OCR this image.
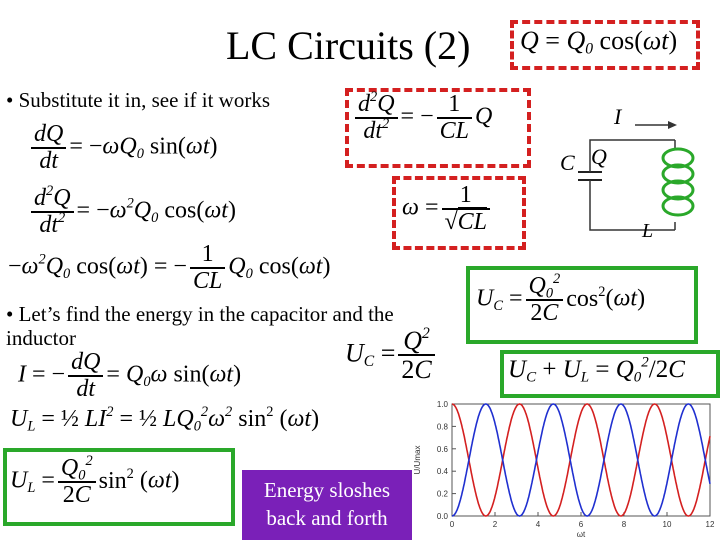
LC Circuits (2) $Q = Q_0$ cos(ωt)
• Substitute it in, see if it works	$\frac{d^2Q}{dt^2}$ = − $\frac{1}{CL}$ Q
$\omega = \frac{1}{√CL}$
$\frac{dQ}{dt} = -\omega Q_0$ sin(ωt)
$\frac{d^2Q}{dt^2} = -\omega^2Q_0$ cos(ωt)
$-\omega^2Q_0$ cos(ωt) = − $\frac{1}{CL} Q_0$ cos(ωt)
I
C Q
L
• Let’s find the energy in the capacitor and the inductor
$U_C = \frac{Q_0^2}{2C} \cos^2(\omega t)$
$U_C = \frac{Q^2}{2C}$	$U_C + U_L = Q_0^2/2C$
I = − $\frac{dQ}{dt} = Q_0\omega$ sin(ωt)
$U_L$ = ½ $LI^2$ = ½ $LQ_0^2\omega^2$ $\sin^2 (\omega t)$
$U_L = \frac{Q_0^2}{2C} \sin^2 (\omega t)$	Energy sloshes back and forth
1.0
0.8
0.6
0.4
0.2
0.0
0	2	4	6	8	10	12
U/Umax
ωt
